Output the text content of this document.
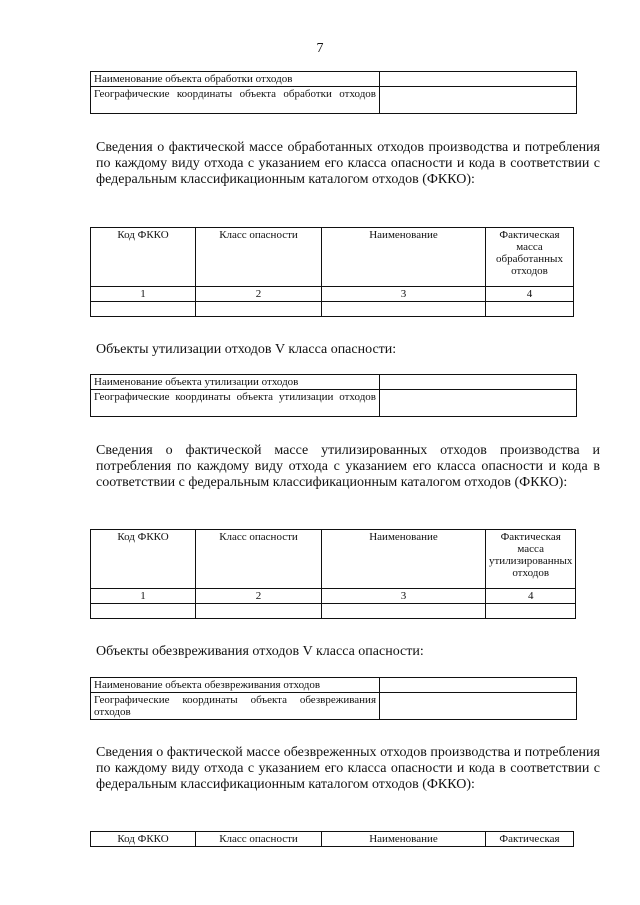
7
Наименование объекта обработки отходов	

Географические координаты объекта обработки отходов	

Сведения о фактической массе обработанных отходов производства и потребления по каждому виду отхода с указанием его класса опасности и кода в соответствии с федеральным классификационным каталогом отходов (ФККО):

Код ФККО	Класс опасности	Наименование	Фактическая масса обработанных отходов
1	2	3	4

Объекты утилизации отходов V класса опасности:

Наименование объекта утилизации отходов	

Географические координаты объекта утилизации отходов	

Сведения о фактической массе утилизированных отходов производства и потребления по каждому виду отхода с указанием его класса опасности и кода в соответствии с федеральным классификационным каталогом отходов (ФККО):

Код ФККО	Класс опасности	Наименование	Фактическая масса утилизированных отходов
1	2	3	4

Объекты обезвреживания отходов V класса опасности:

Наименование объекта обезвреживания отходов	

Географические координаты объекта обезвреживания отходов	

Сведения о фактической массе обезвреженных отходов производства и потребления по каждому виду отхода с указанием его класса опасности и кода в соответствии с федеральным классификационным каталогом отходов (ФККО):

Код ФККО	Класс опасности	Наименование	Фактическая
